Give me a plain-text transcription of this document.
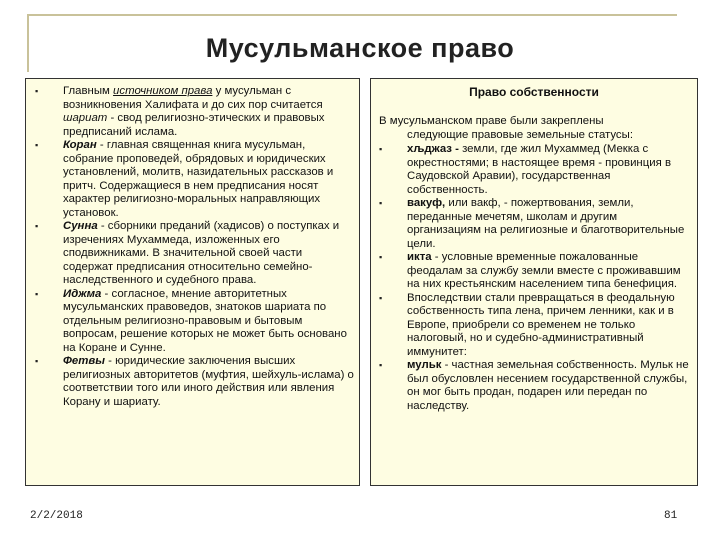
Мусульманское право
▪ Главным источником права у мусульман с возникновения Халифата и до сих пор считается шариат - свод религиозно-этических и правовых предписаний ислама.
▪ Коран - главная священная книга мусульман, собрание проповедей, обрядовых и юридических установлений, молитв, назидательных рассказов и притч. Содержащиеся в нем предписания носят характер религиозно-моральных направляющих установок.
▪ Сунна - сборники преданий (хадисов) о поступках и изречениях Мухаммеда, изложенных его сподвижниками. В значительной своей части содержат предписания относительно семейно-наследственного и судебного права.
▪ Иджма - согласное, мнение авторитетных мусульманских правоведов, знатоков шариата по отдельным религиозно-правовым и бытовым вопросам, решение которых не может быть основано на Коране и Сунне.
▪ Фетвы - юридические заключения высших религиозных авторитетов (муфтия, шейхуль-ислама) о соответствии того или иного действия или явления Корану и шариату.
Право собственности
В мусульманском праве были закреплены
следующие правовые земельные статусы:
▪ хљджаз - земли, где жил Мухаммед (Мекка с окрестностями; в настоящее время - провинция в Саудовской Аравии), государственная собственность.
▪ вакуф, или вакф, - пожертвования, земли, переданные мечетям, школам и другим организациям на религиозные и благотворительные цели.
▪ икта - условные временные пожалованные феодалам за службу земли вместе с проживавшим на них крестьянским населением типа бенефиция.
▪ Впоследствии стали превращаться в феодальную собственность типа лена, причем ленники, как и в Европе, приобрели со временем не только налоговый, но и судебно-административный иммунитет:
▪ мульк - частная земельная собственность. Мульк не был обусловлен несением государственной службы, он мог быть продан, подарен или передан по наследству.
2/2/2018	81
